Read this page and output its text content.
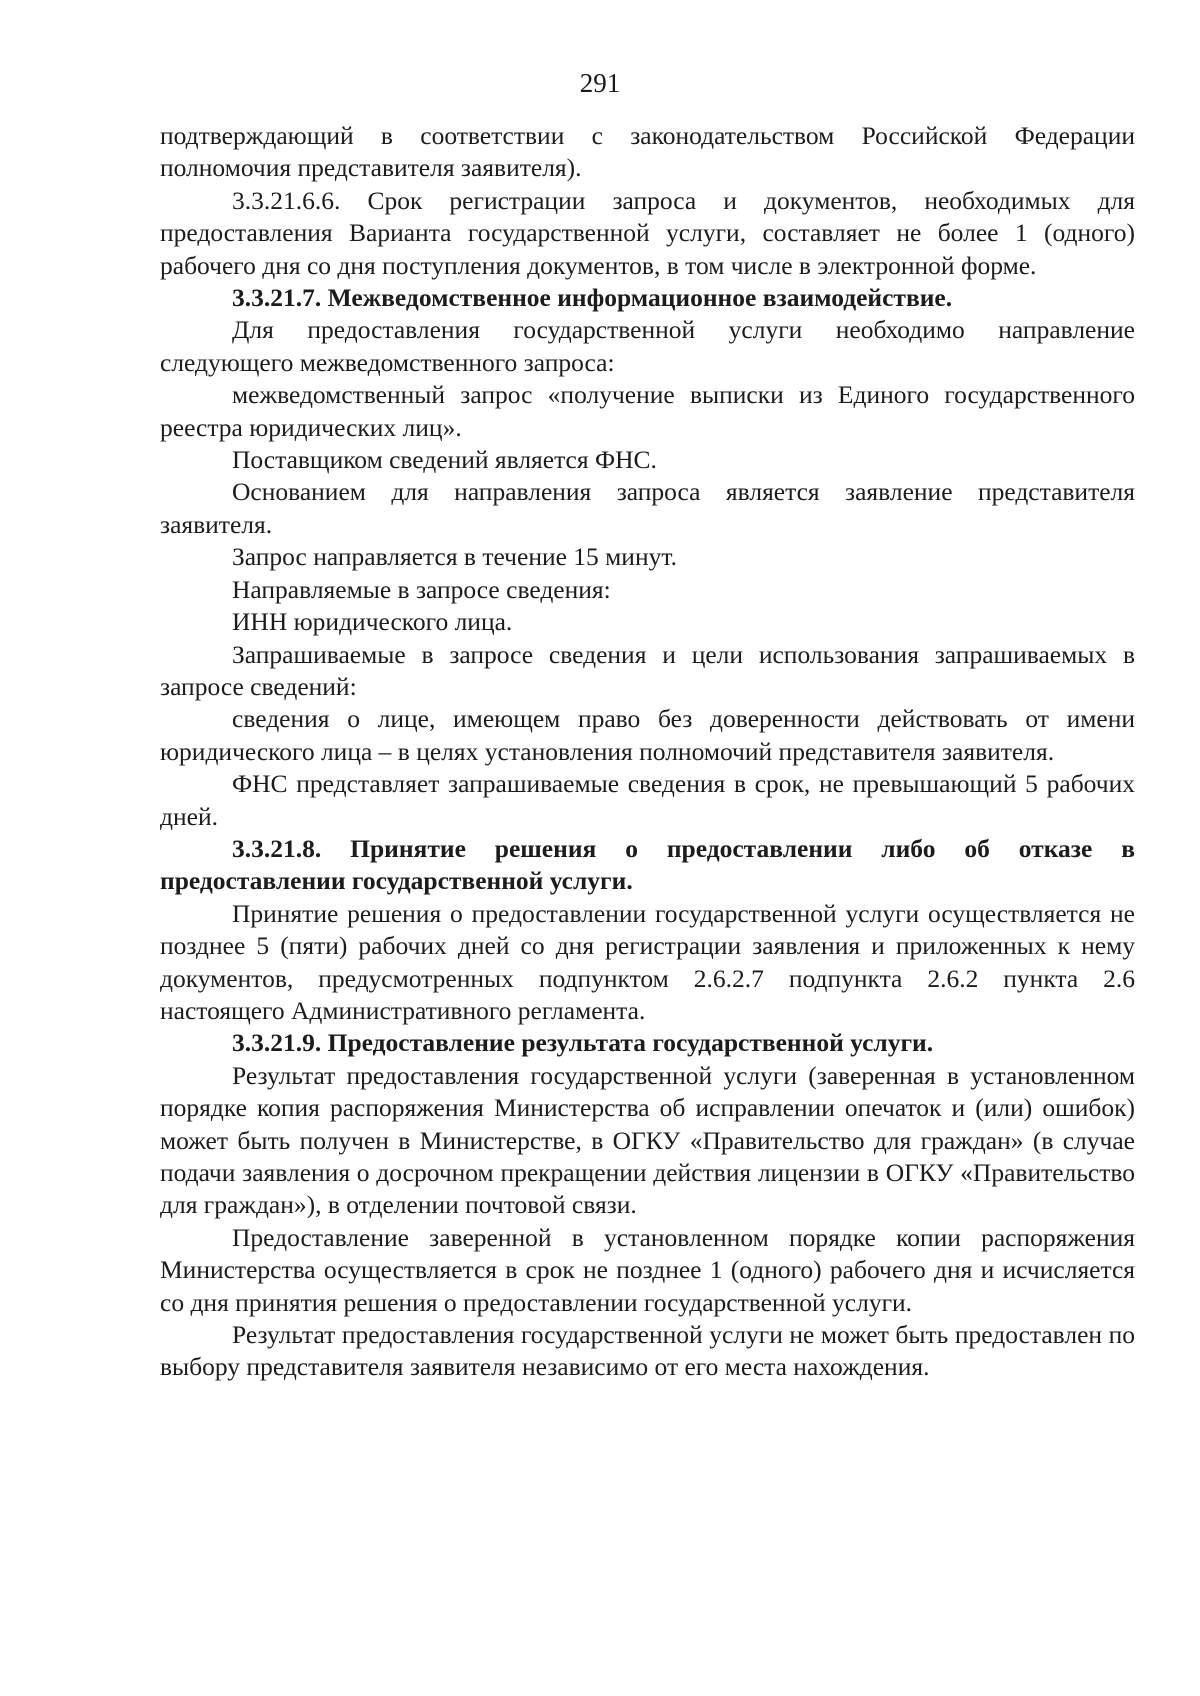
291

подтверждающий в соответствии с законодательством Российской Федерации полномочия представителя заявителя).

3.3.21.6.6. Срок регистрации запроса и документов, необходимых для предоставления Варианта государственной услуги, составляет не более 1 (одного) рабочего дня со дня поступления документов, в том числе в электронной форме.

3.3.21.7. Межведомственное информационное взаимодействие.

Для предоставления государственной услуги необходимо направление следующего межведомственного запроса:

межведомственный запрос «получение выписки из Единого государственного реестра юридических лиц».

Поставщиком сведений является ФНС.

Основанием для направления запроса является заявление представителя заявителя.

Запрос направляется в течение 15 минут.

Направляемые в запросе сведения:

ИНН юридического лица.

Запрашиваемые в запросе сведения и цели использования запрашиваемых в запросе сведений:

сведения о лице, имеющем право без доверенности действовать от имени юридического лица – в целях установления полномочий представителя заявителя.

ФНС представляет запрашиваемые сведения в срок, не превышающий 5 рабочих дней.

3.3.21.8. Принятие решения о предоставлении либо об отказе в предоставлении государственной услуги.

Принятие решения о предоставлении государственной услуги осуществляется не позднее 5 (пяти) рабочих дней со дня регистрации заявления и приложенных к нему документов, предусмотренных подпунктом 2.6.2.7 подпункта 2.6.2 пункта 2.6 настоящего Административного регламента.

3.3.21.9. Предоставление результата государственной услуги.

Результат предоставления государственной услуги (заверенная в установленном порядке копия распоряжения Министерства об исправлении опечаток и (или) ошибок) может быть получен в Министерстве, в ОГКУ «Правительство для граждан» (в случае подачи заявления о досрочном прекращении действия лицензии в ОГКУ «Правительство для граждан»), в отделении почтовой связи.

Предоставление заверенной в установленном порядке копии распоряжения Министерства осуществляется в срок не позднее 1 (одного) рабочего дня и исчисляется со дня принятия решения о предоставлении государственной услуги.

Результат предоставления государственной услуги не может быть предоставлен по выбору представителя заявителя независимо от его места нахождения.
